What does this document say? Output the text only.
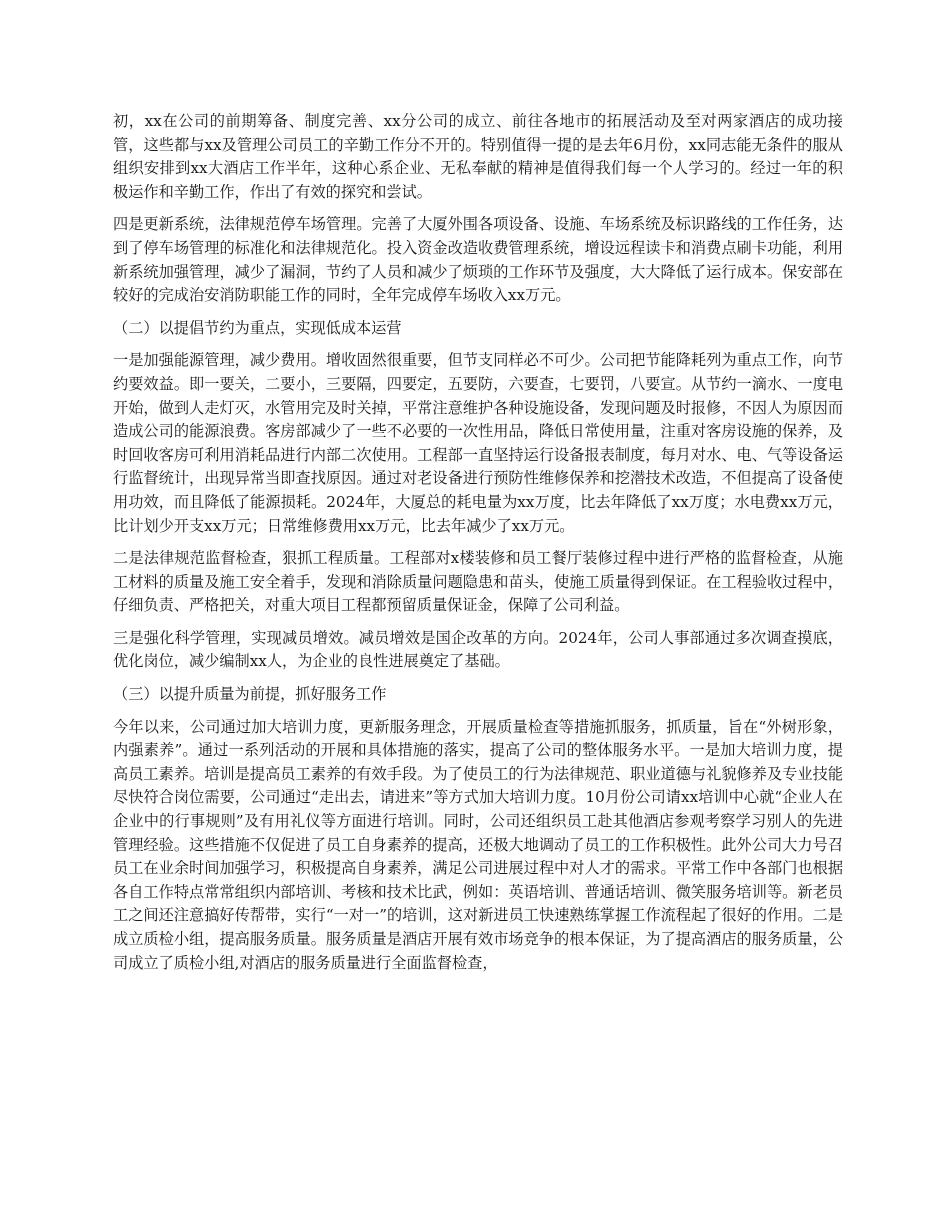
初，xx在公司的前期筹备、制度完善、xx分公司的成立、前往各地市的拓展活动及至对两家酒店的成功接管，这些都与xx及管理公司员工的辛勤工作分不开的。特别值得一提的是去年6月份，xx同志能无条件的服从组织安排到xx大酒店工作半年，这种心系企业、无私奉献的精神是值得我们每一个人学习的。经过一年的积极运作和辛勤工作，作出了有效的探究和尝试。

四是更新系统，法律规范停车场管理。完善了大厦外围各项设备、设施、车场系统及标识路线的工作任务，达到了停车场管理的标准化和法律规范化。投入资金改造收费管理系统，增设远程读卡和消费点刷卡功能，利用新系统加强管理，减少了漏洞，节约了人员和减少了烦琐的工作环节及强度，大大降低了运行成本。保安部在较好的完成治安消防职能工作的同时，全年完成停车场收入xx万元。

（二）以提倡节约为重点，实现低成本运营

一是加强能源管理，减少费用。增收固然很重要，但节支同样必不可少。公司把节能降耗列为重点工作，向节约要效益。即一要关，二要小，三要隔，四要定，五要防，六要查，七要罚，八要宣。从节约一滴水、一度电开始，做到人走灯灭，水管用完及时关掉，平常注意维护各种设施设备，发现问题及时报修，不因人为原因而造成公司的能源浪费。客房部减少了一些不必要的一次性用品，降低日常使用量，注重对客房设施的保养，及时回收客房可利用消耗品进行内部二次使用。工程部一直坚持运行设备报表制度，每月对水、电、气等设备运行监督统计，出现异常当即查找原因。通过对老设备进行预防性维修保养和挖潜技术改造，不但提高了设备使用功效，而且降低了能源损耗。2024年，大厦总的耗电量为xx万度，比去年降低了xx万度；水电费xx万元，比计划少开支xx万元；日常维修费用xx万元，比去年减少了xx万元。

二是法律规范监督检查，狠抓工程质量。工程部对x楼装修和员工餐厅装修过程中进行严格的监督检查，从施工材料的质量及施工安全着手，发现和消除质量问题隐患和苗头，使施工质量得到保证。在工程验收过程中，仔细负责、严格把关，对重大项目工程都预留质量保证金，保障了公司利益。

三是强化科学管理，实现减员增效。减员增效是国企改革的方向。2024年，公司人事部通过多次调查摸底，优化岗位，减少编制xx人，为企业的良性进展奠定了基础。

（三）以提升质量为前提，抓好服务工作

今年以来，公司通过加大培训力度，更新服务理念，开展质量检查等措施抓服务，抓质量，旨在“外树形象，内强素养”。通过一系列活动的开展和具体措施的落实，提高了公司的整体服务水平。一是加大培训力度，提高员工素养。培训是提高员工素养的有效手段。为了使员工的行为法律规范、职业道德与礼貌修养及专业技能尽快符合岗位需要，公司通过“走出去，请进来”等方式加大培训力度。10月份公司请xx培训中心就“企业人在企业中的行事规则”及有用礼仪等方面进行培训。同时，公司还组织员工赴其他酒店参观考察学习别人的先进管理经验。这些措施不仅促进了员工自身素养的提高，还极大地调动了员工的工作积极性。此外公司大力号召员工在业余时间加强学习，积极提高自身素养，满足公司进展过程中对人才的需求。平常工作中各部门也根据各自工作特点常常组织内部培训、考核和技术比武，例如：英语培训、普通话培训、微笑服务培训等。新老员工之间还注意搞好传帮带，实行“一对一”的培训，这对新进员工快速熟练掌握工作流程起了很好的作用。二是成立质检小组，提高服务质量。服务质量是酒店开展有效市场竞争的根本保证，为了提高酒店的服务质量，公司成立了质检小组,对酒店的服务质量进行全面监督检查，
